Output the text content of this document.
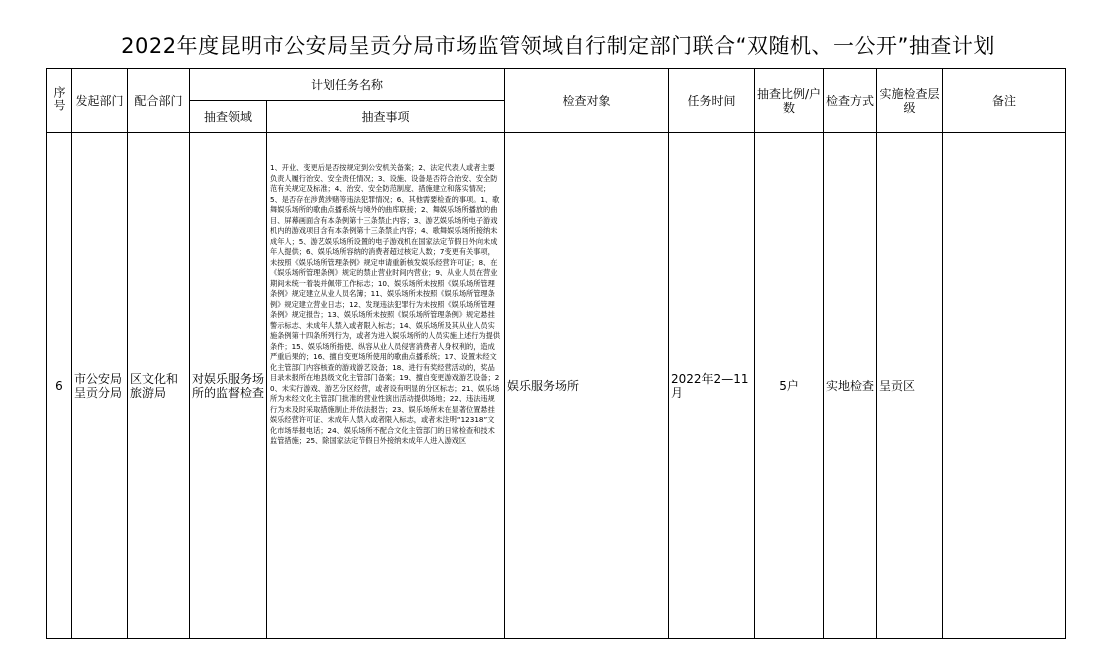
2022年度昆明市公安局呈贡分局市场监管领域自行制定部门联合“双随机、一公开”抽查计划
序号	发起部门	配合部门	计划任务名称		检查对象	任务时间	抽查比例/户数	检查方式	实施检查层级	备注
			抽查领域	抽查事项						
6	市公安局呈贡分局	区文化和旅游局	对娱乐服务场所的监督检查	1、开业、变更后是否按规定到公安机关备案；2、法定代表人或者主要负责人履行治安、安全责任情况；3、设施、设备是否符合治安、安全防范有关规定及标准；4、治安、安全防范制度、措施建立和落实情况；5、是否存在涉黄涉赌等违法犯罪情况；6、其他需要检查的事项。1、歌舞娱乐场所的歌曲点播系统与境外的曲库联接；2、舞娱乐场所播放的曲目、屏幕画面含有本条例第十三条禁止内容；3、游艺娱乐场所电子游戏机内的游戏项目含有本条例第十三条禁止内容；4、歌舞娱乐场所接纳未成年人；5、游艺娱乐场所设置的电子游戏机在国家法定节假日外向未成年人提供；6、娱乐场所容纳的消费者超过核定人数；7变更有关事项，未按照《娱乐场所管理条例》规定申请重新核发娱乐经营许可证；8、在《娱乐场所管理条例》规定的禁止营业时间内营业；9、从业人员在营业期间未统一着装并佩带工作标志；10、娱乐场所未按照《娱乐场所管理条例》规定建立从业人员名簿；11、娱乐场所未按照《娱乐场所管理条例》规定建立营业日志；12、发现违法犯罪行为未按照《娱乐场所管理条例》规定报告；13、娱乐场所未按照《娱乐场所管理条例》规定悬挂警示标志、未成年人禁入或者限入标志；14、娱乐场所及其从业人员实施条例第十四条所列行为，或者为进入娱乐场所的人员实施上述行为提供条件；15、娱乐场所指使、纵容从业人员侵害消费者人身权利的，造成严重后果的；16、擅自变更场所使用的歌曲点播系统；17、设置未经文化主管部门内容核查的游戏游艺设备；18、进行有奖经营活动的，奖品目录未报所在地县级文化主管部门备案；19、擅自变更游戏游艺设备；20、未实行游戏、游艺分区经营，或者设有明显的分区标志；21、娱乐场所为未经文化主管部门批准的营业性演出活动提供场地；22、违法违规行为未及时采取措施制止并依法报告；23、娱乐场所未在显著位置悬挂娱乐经营许可证、未成年人禁入或者限入标志，或者未注明“12318”文化市场举报电话；24、娱乐场所不配合文化主管部门的日常检查和技术监管措施；25、除国家法定节假日外接纳未成年人进入游戏区	娱乐服务场所	2022年2—11月	5户	实地检查	呈贡区	
